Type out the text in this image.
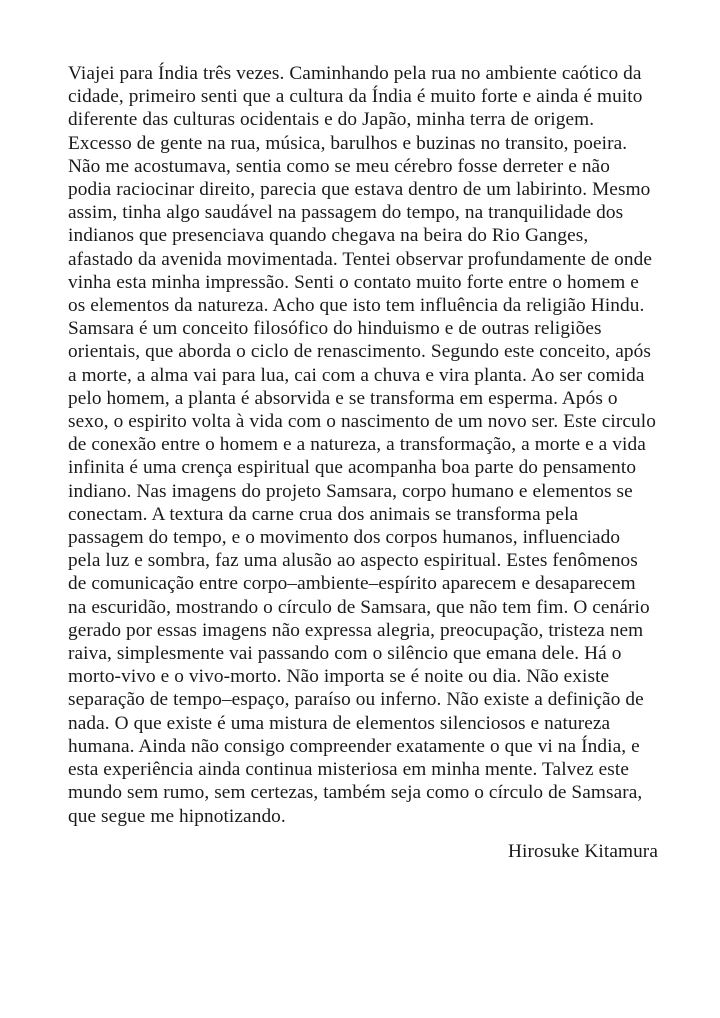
Viajei para Índia três vezes. Caminhando pela rua no ambiente caótico da
cidade, primeiro senti que a cultura da Índia é muito forte e ainda é muito
diferente das culturas ocidentais e do Japão, minha terra de origem.
Excesso de gente na rua, música, barulhos e buzinas no transito, poeira.
Não me acostumava, sentia como se meu cérebro fosse derreter e não
podia raciocinar direito, parecia que estava dentro de um labirinto. Mesmo
assim, tinha algo saudável na passagem do tempo, na tranquilidade dos
indianos que presenciava quando chegava na beira do Rio Ganges,
afastado da avenida movimentada. Tentei observar profundamente de onde
vinha esta minha impressão. Senti o contato muito forte entre o homem e
os elementos da natureza. Acho que isto tem influência da religião Hindu.
Samsara é um conceito filosófico do hinduismo e de outras religiões
orientais, que aborda o ciclo de renascimento. Segundo este conceito, após
a morte, a alma vai para lua, cai com a chuva e vira planta. Ao ser comida
pelo homem, a planta é absorvida e se transforma em esperma. Após o
sexo, o espirito volta à vida com o nascimento de um novo ser. Este circulo
de conexão entre o homem e a natureza, a transformação, a morte e a vida
infinita é uma crença espiritual que acompanha boa parte do pensamento
indiano. Nas imagens do projeto Samsara, corpo humano e elementos se
conectam. A textura da carne crua dos animais se transforma pela
passagem do tempo, e o movimento dos corpos humanos, influenciado
pela luz e sombra, faz uma alusão ao aspecto espiritual. Estes fenômenos
de comunicação entre corpo–ambiente–espírito aparecem e desaparecem
na escuridão, mostrando o círculo de Samsara, que não tem fim. O cenário
gerado por essas imagens não expressa alegria, preocupação, tristeza nem
raiva, simplesmente vai passando com o silêncio que emana dele. Há o
morto-vivo e o vivo-morto. Não importa se é noite ou dia. Não existe
separação de tempo–espaço, paraíso ou inferno. Não existe a definição de
nada. O que existe é uma mistura de elementos silenciosos e natureza
humana. Ainda não consigo compreender exatamente o que vi na Índia, e
esta experiência ainda continua misteriosa em minha mente. Talvez este
mundo sem rumo, sem certezas, também seja como o círculo de Samsara,
que segue me hipnotizando.
Hirosuke Kitamura
